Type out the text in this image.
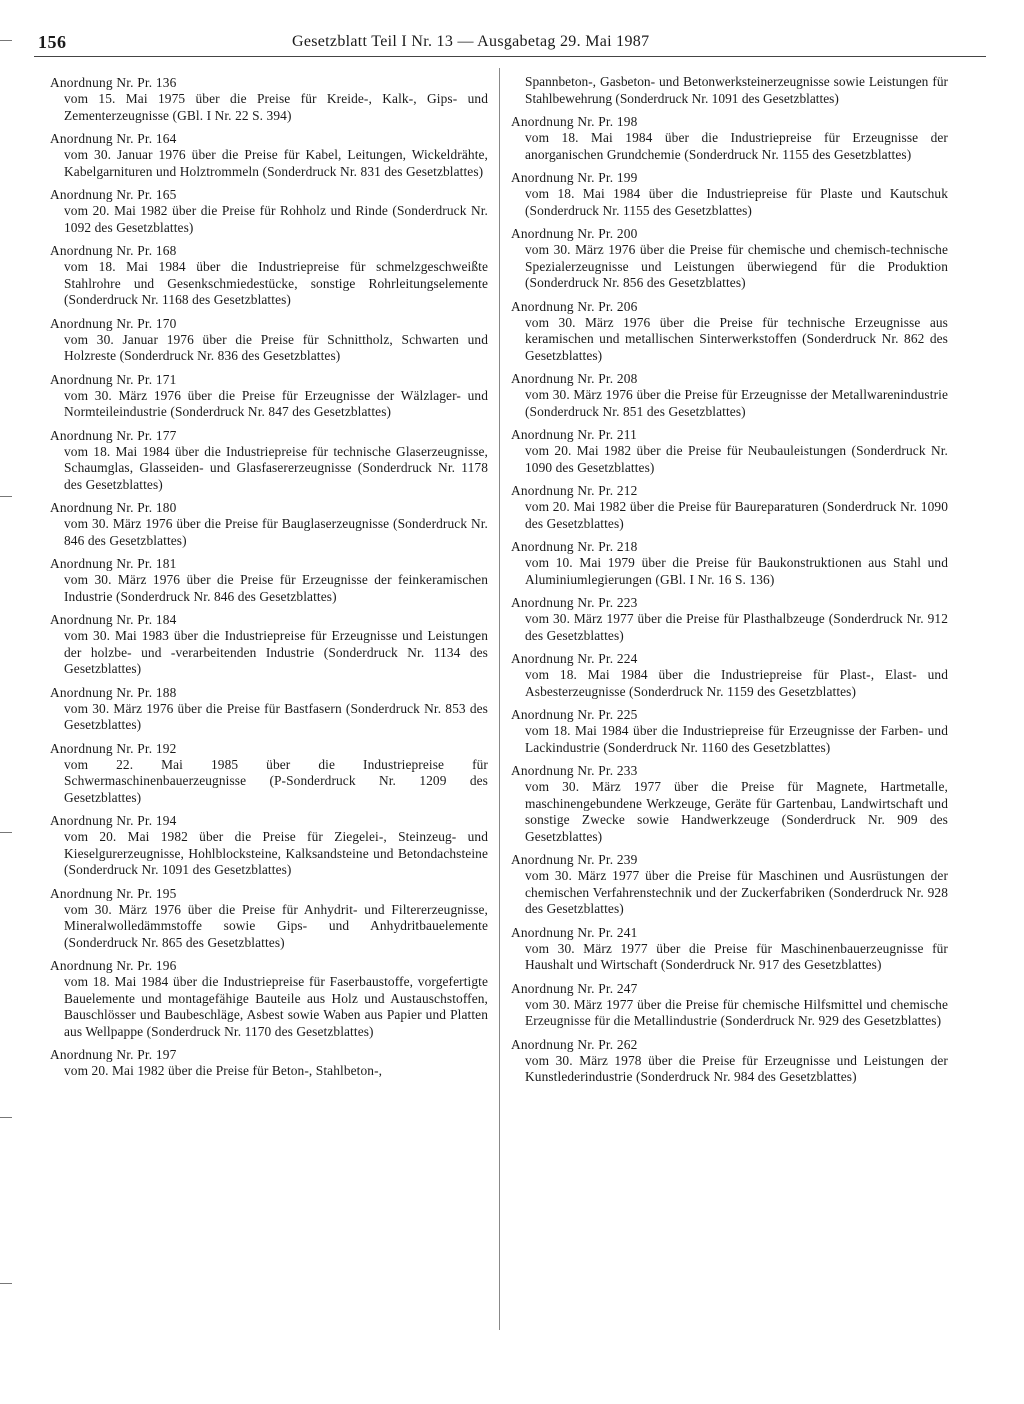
156	Gesetzblatt Teil I Nr. 13 — Ausgabetag 29. Mai 1987
Anordnung Nr. Pr. 136
vom 15. Mai 1975 über die Preise für Kreide-, Kalk-, Gips- und Zementerzeugnisse (GBl. I Nr. 22 S. 394)
Anordnung Nr. Pr. 164
vom 30. Januar 1976 über die Preise für Kabel, Leitungen, Wickeldrähte, Kabelgarnituren und Holztrommeln (Sonderdruck Nr. 831 des Gesetzblattes)
Anordnung Nr. Pr. 165
vom 20. Mai 1982 über die Preise für Rohholz und Rinde (Sonderdruck Nr. 1092 des Gesetzblattes)
Anordnung Nr. Pr. 168
vom 18. Mai 1984 über die Industriepreise für schmelzgeschweißte Stahlrohre und Gesenkschmiedestücke, sonstige Rohrleitungselemente (Sonderdruck Nr. 1168 des Gesetzblattes)
Anordnung Nr. Pr. 170
vom 30. Januar 1976 über die Preise für Schnittholz, Schwarten und Holzreste (Sonderdruck Nr. 836 des Gesetzblattes)
Anordnung Nr. Pr. 171
vom 30. März 1976 über die Preise für Erzeugnisse der Wälzlager- und Normteileindustrie (Sonderdruck Nr. 847 des Gesetzblattes)
Anordnung Nr. Pr. 177
vom 18. Mai 1984 über die Industriepreise für technische Glaserzeugnisse, Schaumglas, Glasseiden- und Glasfasererzeugnisse (Sonderdruck Nr. 1178 des Gesetzblattes)
Anordnung Nr. Pr. 180
vom 30. März 1976 über die Preise für Bauglaserzeugnisse (Sonderdruck Nr. 846 des Gesetzblattes)
Anordnung Nr. Pr. 181
vom 30. März 1976 über die Preise für Erzeugnisse der feinkeramischen Industrie (Sonderdruck Nr. 846 des Gesetzblattes)
Anordnung Nr. Pr. 184
vom 30. Mai 1983 über die Industriepreise für Erzeugnisse und Leistungen der holzbe- und -verarbeitenden Industrie (Sonderdruck Nr. 1134 des Gesetzblattes)
Anordnung Nr. Pr. 188
vom 30. März 1976 über die Preise für Bastfasern (Sonderdruck Nr. 853 des Gesetzblattes)
Anordnung Nr. Pr. 192
vom 22. Mai 1985 über die Industriepreise für Schwermaschinenbauerzeugnisse (P-Sonderdruck Nr. 1209 des Gesetzblattes)
Anordnung Nr. Pr. 194
vom 20. Mai 1982 über die Preise für Ziegelei-, Steinzeug- und Kieselgurerzeugnisse, Hohlblocksteine, Kalksandsteine und Betondachsteine (Sonderdruck Nr. 1091 des Gesetzblattes)
Anordnung Nr. Pr. 195
vom 30. März 1976 über die Preise für Anhydrit- und Filtererzeugnisse, Mineralwolledämmstoffe sowie Gips- und Anhydritbauelemente (Sonderdruck Nr. 865 des Gesetzblattes)
Anordnung Nr. Pr. 196
vom 18. Mai 1984 über die Industriepreise für Faserbaustoffe, vorgefertigte Bauelemente und montagefähige Bauteile aus Holz und Austauschstoffen, Bauschlösser und Baubeschläge, Asbest sowie Waben aus Papier und Platten aus Wellpappe (Sonderdruck Nr. 1170 des Gesetzblattes)
Anordnung Nr. Pr. 197
vom 20. Mai 1982 über die Preise für Beton-, Stahlbeton-,
Spannbeton-, Gasbeton- und Betonwerksteinerzeugnisse sowie Leistungen für Stahlbewehrung (Sonderdruck Nr. 1091 des Gesetzblattes)
Anordnung Nr. Pr. 198
vom 18. Mai 1984 über die Industriepreise für Erzeugnisse der anorganischen Grundchemie (Sonderdruck Nr. 1155 des Gesetzblattes)
Anordnung Nr. Pr. 199
vom 18. Mai 1984 über die Industriepreise für Plaste und Kautschuk (Sonderdruck Nr. 1155 des Gesetzblattes)
Anordnung Nr. Pr. 200
vom 30. März 1976 über die Preise für chemische und chemisch-technische Spezialerzeugnisse und Leistungen überwiegend für die Produktion (Sonderdruck Nr. 856 des Gesetzblattes)
Anordnung Nr. Pr. 206
vom 30. März 1976 über die Preise für technische Erzeugnisse aus keramischen und metallischen Sinterwerkstoffen (Sonderdruck Nr. 862 des Gesetzblattes)
Anordnung Nr. Pr. 208
vom 30. März 1976 über die Preise für Erzeugnisse der Metallwarenindustrie (Sonderdruck Nr. 851 des Gesetzblattes)
Anordnung Nr. Pr. 211
vom 20. Mai 1982 über die Preise für Neubauleistungen (Sonderdruck Nr. 1090 des Gesetzblattes)
Anordnung Nr. Pr. 212
vom 20. Mai 1982 über die Preise für Baureparaturen (Sonderdruck Nr. 1090 des Gesetzblattes)
Anordnung Nr. Pr. 218
vom 10. Mai 1979 über die Preise für Baukonstruktionen aus Stahl und Aluminiumlegierungen (GBl. I Nr. 16 S. 136)
Anordnung Nr. Pr. 223
vom 30. März 1977 über die Preise für Plasthalbzeuge (Sonderdruck Nr. 912 des Gesetzblattes)
Anordnung Nr. Pr. 224
vom 18. Mai 1984 über die Industriepreise für Plast-, Elast- und Asbesterzeugnisse (Sonderdruck Nr. 1159 des Gesetzblattes)
Anordnung Nr. Pr. 225
vom 18. Mai 1984 über die Industriepreise für Erzeugnisse der Farben- und Lackindustrie (Sonderdruck Nr. 1160 des Gesetzblattes)
Anordnung Nr. Pr. 233
vom 30. März 1977 über die Preise für Magnete, Hartmetalle, maschinengebundene Werkzeuge, Geräte für Gartenbau, Landwirtschaft und sonstige Zwecke sowie Handwerkzeuge (Sonderdruck Nr. 909 des Gesetzblattes)
Anordnung Nr. Pr. 239
vom 30. März 1977 über die Preise für Maschinen und Ausrüstungen der chemischen Verfahrenstechnik und der Zuckerfabriken (Sonderdruck Nr. 928 des Gesetzblattes)
Anordnung Nr. Pr. 241
vom 30. März 1977 über die Preise für Maschinenbauerzeugnisse für Haushalt und Wirtschaft (Sonderdruck Nr. 917 des Gesetzblattes)
Anordnung Nr. Pr. 247
vom 30. März 1977 über die Preise für chemische Hilfsmittel und chemische Erzeugnisse für die Metallindustrie (Sonderdruck Nr. 929 des Gesetzblattes)
Anordnung Nr. Pr. 262
vom 30. März 1978 über die Preise für Erzeugnisse und Leistungen der Kunstlederindustrie (Sonderdruck Nr. 984 des Gesetzblattes)
